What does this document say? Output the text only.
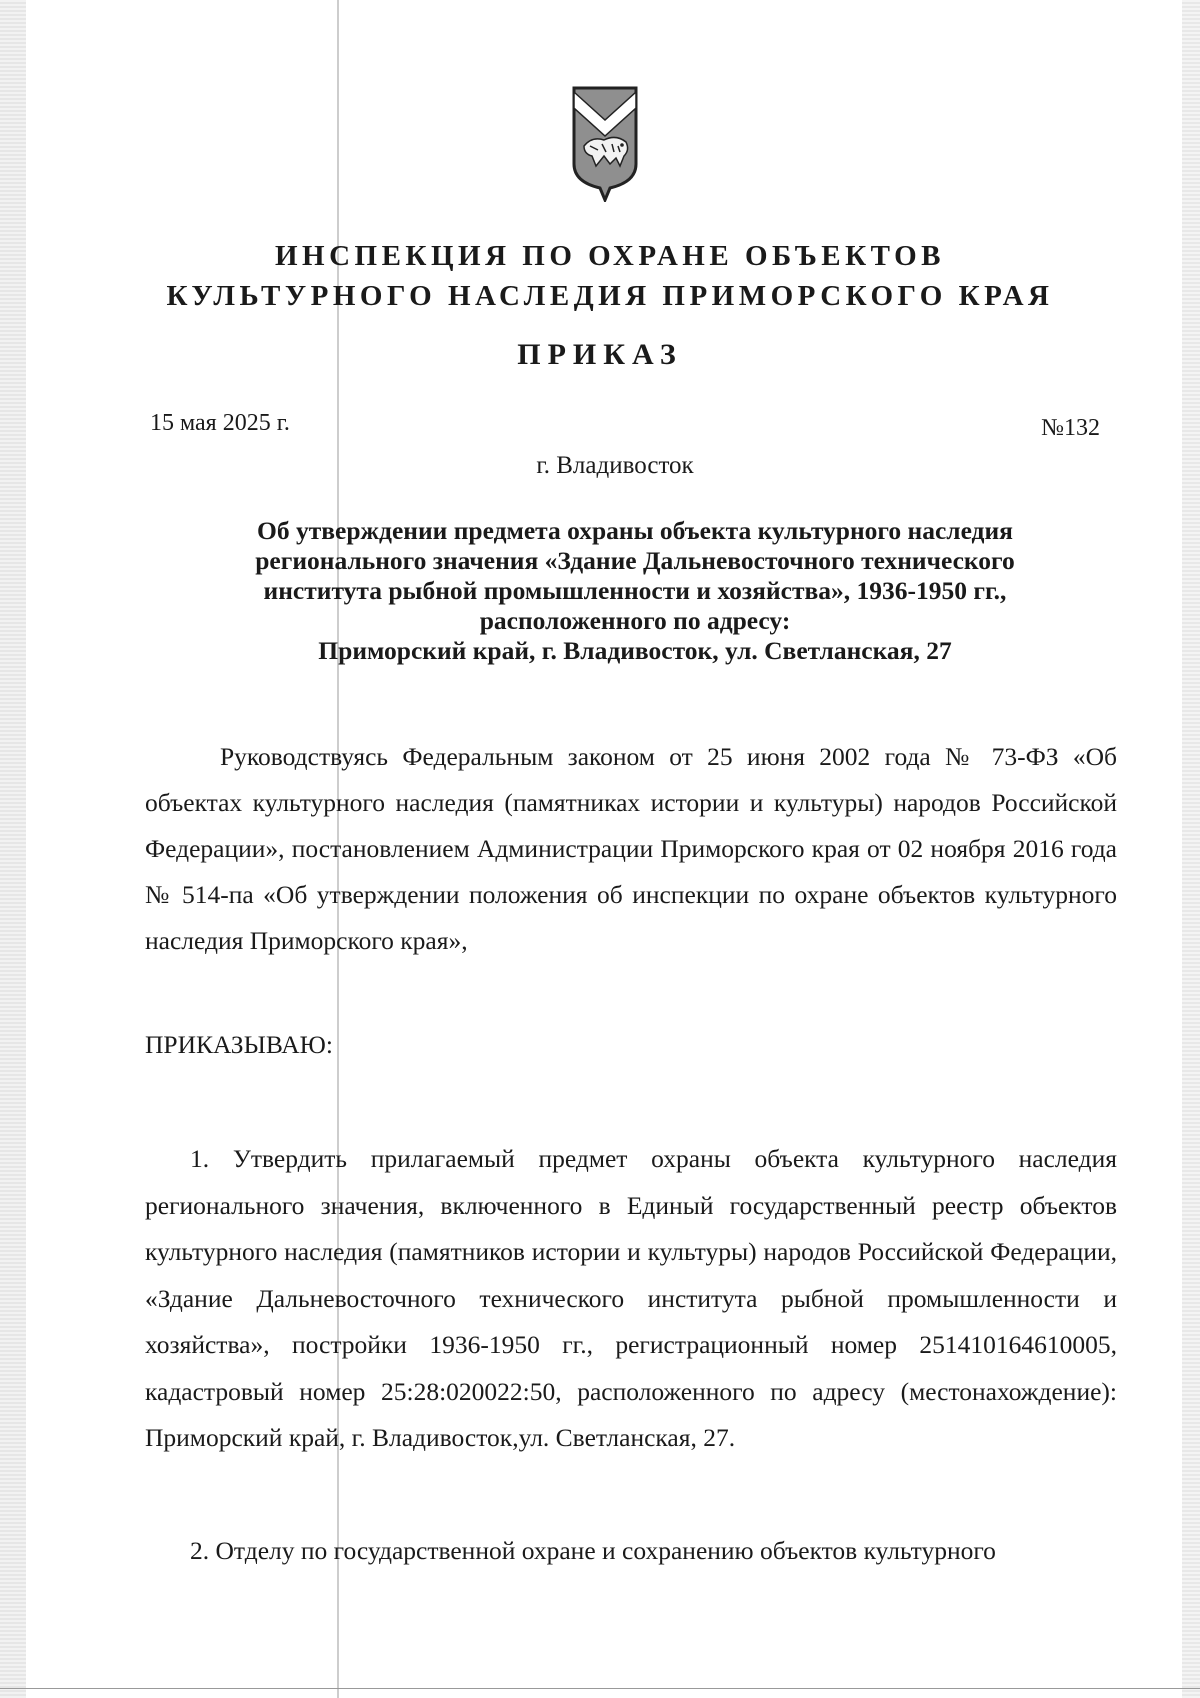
ИНСПЕКЦИЯ ПО ОХРАНЕ ОБЪЕКТОВ
КУЛЬТУРНОГО НАСЛЕДИЯ ПРИМОРСКОГО КРАЯ
ПРИКАЗ
15 мая 2025 г.	№132
г. Владивосток
Об утверждении предмета охраны объекта культурного наследия
регионального значения «Здание Дальневосточного технического
института рыбной промышленности и хозяйства», 1936-1950 гг.,
расположенного по адресу:
Приморский край, г. Владивосток, ул. Светланская, 27
Руководствуясь Федеральным законом от 25 июня 2002 года № 73-ФЗ «Об объектах культурного наследия (памятниках истории и культуры) народов Российской Федерации», постановлением Администрации Приморского края от 02 ноября 2016 года № 514-па «Об утверждении положения об инспекции по охране объектов культурного наследия Приморского края»,
ПРИКАЗЫВАЮ:
1. Утвердить прилагаемый предмет охраны объекта культурного наследия регионального значения, включенного в Единый государственный реестр объектов культурного наследия (памятников истории и культуры) народов Российской Федерации, «Здание Дальневосточного технического института рыбной промышленности и хозяйства», постройки 1936-1950 гг., регистрационный номер 251410164610005, кадастровый номер 25:28:020022:50, расположенного по адресу (местонахождение): Приморский край, г. Владивосток,ул. Светланская, 27.
2. Отделу по государственной охране и сохранению объектов культурного
